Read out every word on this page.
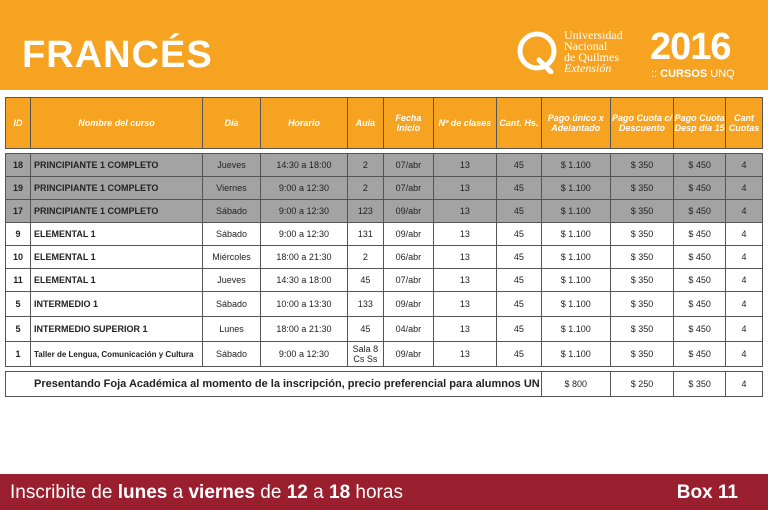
FRANCÉS	Universidad
Nacional
de Quilmes
Extensión 2016
:: CURSOS UNQ
ID	Nombre del curso	Día	Horario	Aula	Fecha Inicio	Nº de clases	Cant. Hs.	Pago único x Adelantado	Pago Cuota c/ Descuento	Pago Cuota Desp día 15	Cant Cuotas

18	PRINCIPIANTE 1 COMPLETO	Jueves	14:30 a 18:00	2	07/abr	13	45	$ 1.100	$ 350	$ 450	4
19	PRINCIPIANTE 1 COMPLETO	Viernes	9:00 a 12:30	2	07/abr	13	45	$ 1.100	$ 350	$ 450	4
17	PRINCIPIANTE 1 COMPLETO	Sábado	9:00 a 12:30	123	09/abr	13	45	$ 1.100	$ 350	$ 450	4
9	ELEMENTAL 1	Sábado	9:00 a 12:30	131	09/abr	13	45	$ 1.100	$ 350	$ 450	4
10	ELEMENTAL 1	Miércoles	18:00 a 21:30	2	06/abr	13	45	$ 1.100	$ 350	$ 450	4
11	ELEMENTAL 1	Jueves	14:30 a 18:00	45	07/abr	13	45	$ 1.100	$ 350	$ 450	4
5	INTERMEDIO 1	Sábado	10:00 a 13:30	133	09/abr	13	45	$ 1.100	$ 350	$ 450	4
5	INTERMEDIO SUPERIOR 1	Lunes	18:00 a 21:30	45	04/abr	13	45	$ 1.100	$ 350	$ 450	4
1	Taller de Lengua, Comunicación y Cultura	Sábado	9:00 a 12:30	Sala 8 Cs Ss	09/abr	13	45	$ 1.100	$ 350	$ 450	4

Presentando Foja Académica al momento de la inscripción, precio preferencial para alumnos UN								$ 800	$ 250	$ 350	4
Inscribite de lunes a viernes de 12 a 18 horas	Box 11
